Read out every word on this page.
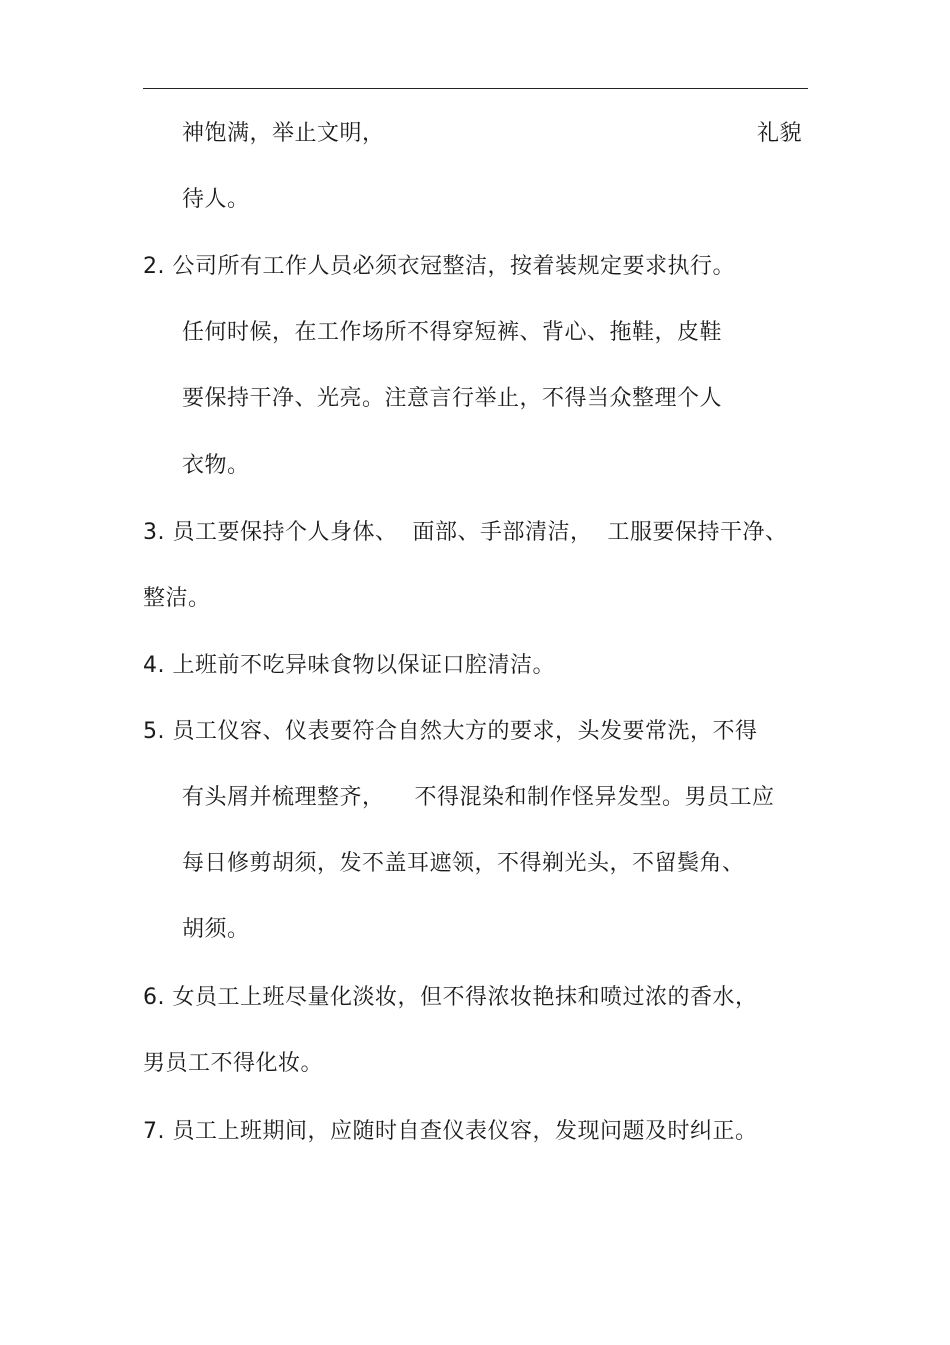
神饱满，举止文明，	礼貌
待人。
2. 公司所有工作人员必须衣冠整洁，按着装规定要求执行。
任何时候，在工作场所不得穿短裤、背心、拖鞋，皮鞋
要保持干净、光亮。注意言行举止，不得当众整理个人
衣物。
3. 员工要保持个人身体、  面部、手部清洁，  工服要保持干净、
整洁。
4. 上班前不吃异味食物以保证口腔清洁。
5. 员工仪容、仪表要符合自然大方的要求，头发要常洗，不得
有头屑并梳理整齐，    不得混染和制作怪异发型。男员工应
每日修剪胡须，发不盖耳遮领，不得剃光头，不留鬓角、
胡须。
6. 女员工上班尽量化淡妆，但不得浓妆艳抹和喷过浓的香水，
男员工不得化妆。
7. 员工上班期间，应随时自查仪表仪容，发现问题及时纠正。
